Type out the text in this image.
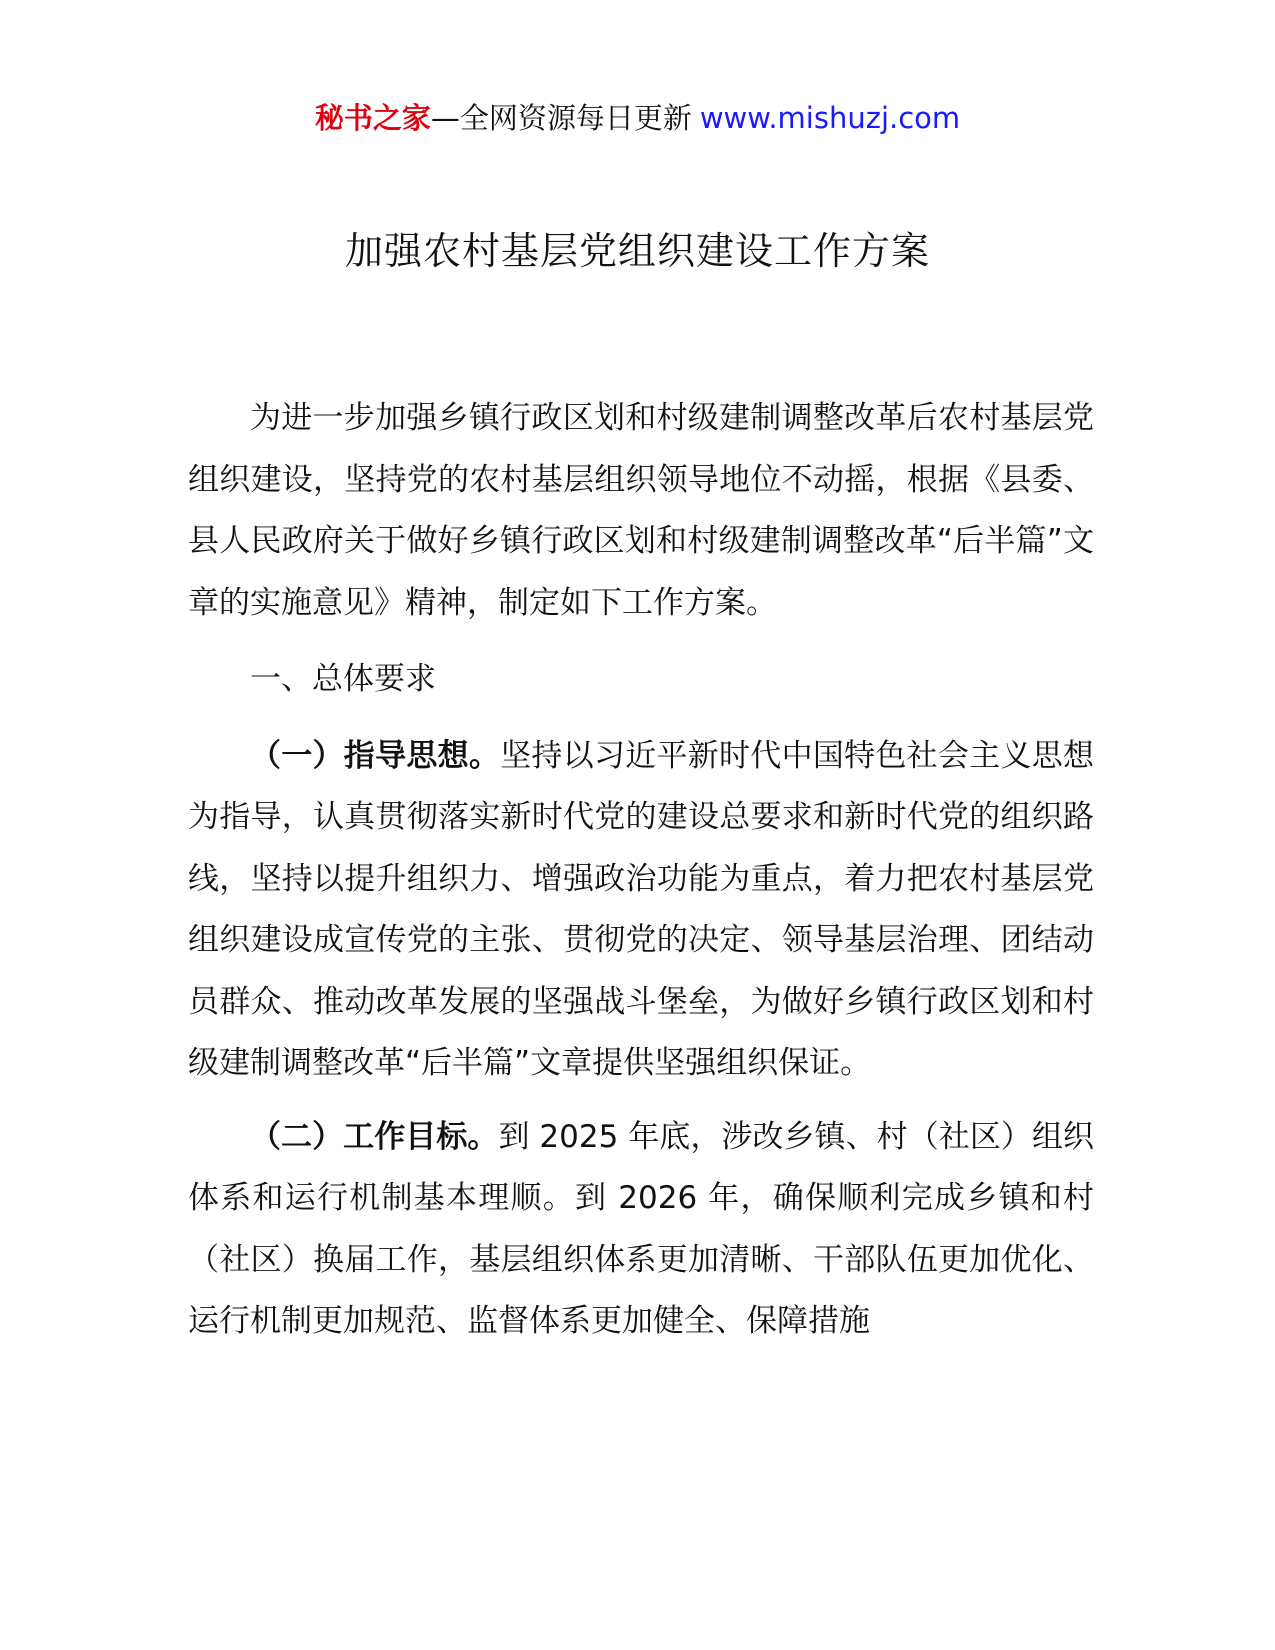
秘书之家—全网资源每日更新 www.mishuzj.com
加强农村基层党组织建设工作方案

为进一步加强乡镇行政区划和村级建制调整改革后农村基层党组织建设，坚持党的农村基层组织领导地位不动摇，根据《县委、县人民政府关于做好乡镇行政区划和村级建制调整改革“后半篇”文章的实施意见》精神，制定如下工作方案。

一、总体要求

（一）指导思想。坚持以习近平新时代中国特色社会主义思想为指导，认真贯彻落实新时代党的建设总要求和新时代党的组织路线，坚持以提升组织力、增强政治功能为重点，着力把农村基层党组织建设成宣传党的主张、贯彻党的决定、领导基层治理、团结动员群众、推动改革发展的坚强战斗堡垒，为做好乡镇行政区划和村级建制调整改革“后半篇”文章提供坚强组织保证。

（二）工作目标。到 2025 年底，涉改乡镇、村（社区）组织体系和运行机制基本理顺。到 2026 年，确保顺利完成乡镇和村（社区）换届工作，基层组织体系更加清晰、干部队伍更加优化、运行机制更加规范、监督体系更加健全、保障措施
